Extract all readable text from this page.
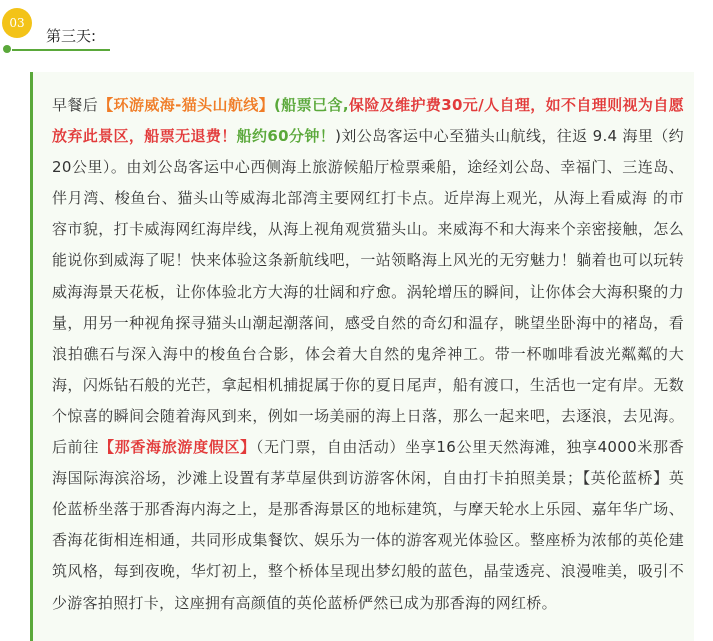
03
第三天:

早餐后【环游威海-猫头山航线】(船票已含,保险及维护费30元/人自理，如不自理则视为自愿放弃此景区，船票无退费！船约60分钟！)刘公岛客运中心至猫头山航线，往返 9.4 海里（约20公里）。由刘公岛客运中心西侧海上旅游候船厅检票乘船，途经刘公岛、幸福门、三连岛、伴月湾、梭鱼台、猫头山等威海北部湾主要网红打卡点。近岸海上观光，从海上看威海 的市容市貌，打卡威海网红海岸线，从海上视角观赏猫头山。来威海不和大海来个亲密接触，怎么能说你到威海了呢！快来体验这条新航线吧，一站领略海上风光的无穷魅力！躺着也可以玩转威海海景天花板，让你体验北方大海的壮阔和疗愈。涡轮增压的瞬间，让你体会大海积聚的力量，用另一种视角探寻猫头山潮起潮落间，感受自然的奇幻和温存，眺望坐卧海中的褚岛，看浪拍礁石与深入海中的梭鱼台合影，体会着大自然的鬼斧神工。带一杯咖啡看波光粼粼的大海，闪烁钻石般的光芒，拿起相机捕捉属于你的夏日尾声，船有渡口，生活也一定有岸。无数个惊喜的瞬间会随着海风到来，例如一场美丽的海上日落，那么一起来吧，去逐浪，去见海。后前往【那香海旅游度假区】（无门票，自由活动）坐享16公里天然海滩，独享4000米那香海国际海滨浴场，沙滩上设置有茅草屋供到访游客休闲，自由打卡拍照美景；【英伦蓝桥】英伦蓝桥坐落于那香海内海之上，是那香海景区的地标建筑，与摩天轮水上乐园、嘉年华广场、香海花街相连相通，共同形成集餐饮、娱乐为一体的游客观光体验区。整座桥为浓郁的英伦建筑风格，每到夜晚，华灯初上，整个桥体呈现出梦幻般的蓝色，晶莹透亮、浪漫唯美，吸引不少游客拍照打卡，这座拥有高颜值的英伦蓝桥俨然已成为那香海的网红桥。
